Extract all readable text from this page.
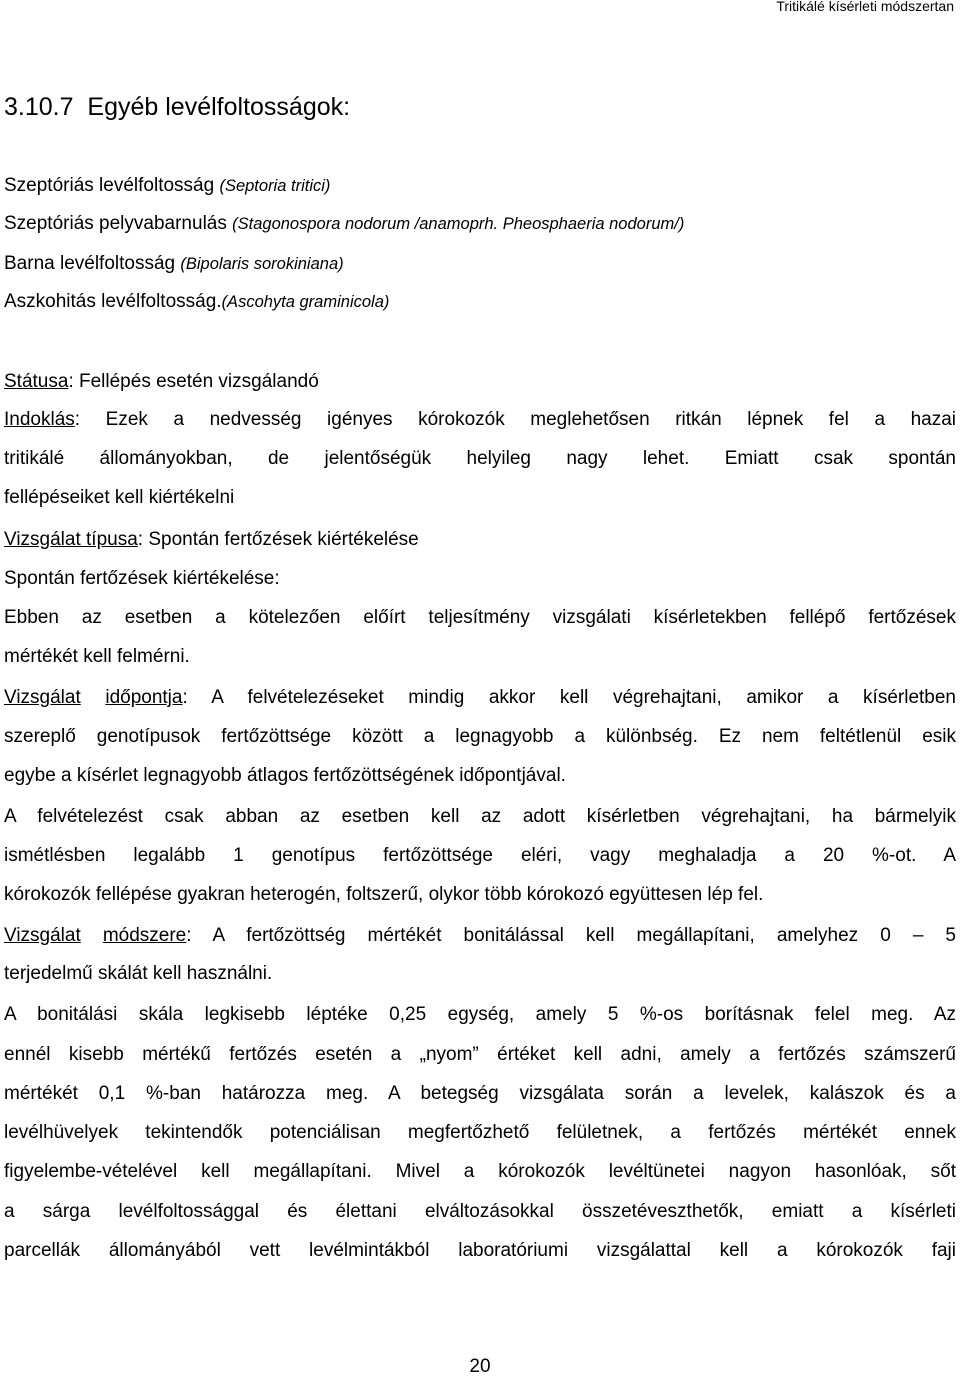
Tritikálé kísérleti módszertan
3.10.7 Egyéb levélfoltosságok:
Szeptóriás levélfoltosság (Septoria tritici)
Szeptóriás pelyvabarnulás (Stagonospora nodorum /anamoprh. Pheosphaeria nodorum/)
Barna levélfoltosság (Bipolaris sorokiniana)
Aszkohitás levélfoltosság.(Ascohyta graminicola)
Státusa: Fellépés esetén vizsgálandó
Indoklás: Ezek a nedvesség igényes kórokozók meglehetősen ritkán lépnek fel a hazai
tritikálé állományokban, de jelentőségük helyileg nagy lehet. Emiatt csak spontán
fellépéseiket kell kiértékelni
Vizsgálat típusa: Spontán fertőzések kiértékelése
Spontán fertőzések kiértékelése:
Ebben az esetben a kötelezően előírt teljesítmény vizsgálati kísérletekben fellépő fertőzések
mértékét kell felmérni.
Vizsgálat időpontja: A felvételezéseket mindig akkor kell végrehajtani, amikor a kísérletben
szereplő genotípusok fertőzöttsége között a legnagyobb a különbség. Ez nem feltétlenül esik
egybe a kísérlet legnagyobb átlagos fertőzöttségének időpontjával.
A felvételezést csak abban az esetben kell az adott kísérletben végrehajtani, ha bármelyik
ismétlésben legalább 1 genotípus fertőzöttsége eléri, vagy meghaladja a 20 %-ot. A
kórokozók fellépése gyakran heterogén, foltszerű, olykor több kórokozó együttesen lép fel.
Vizsgálat módszere: A fertőzöttség mértékét bonitálással kell megállapítani, amelyhez 0 – 5
terjedelmű skálát kell használni.
A bonitálási skála legkisebb léptéke 0,25 egység, amely 5 %-os borításnak felel meg. Az
ennél kisebb mértékű fertőzés esetén a „nyom” értéket kell adni, amely a fertőzés számszerű
mértékét 0,1 %-ban határozza meg. A betegség vizsgálata során a levelek, kalászok és a
levélhüvelyek tekintendők potenciálisan megfertőzhető felületnek, a fertőzés mértékét ennek
figyelembe-vételével kell megállapítani. Mivel a kórokozók levéltünetei nagyon hasonlóak, sőt
a sárga levélfoltossággal és élettani elváltozásokkal összetéveszthetők, emiatt a kísérleti
parcellák állományából vett levélmintákból laboratóriumi vizsgálattal kell a kórokozók faji
20
